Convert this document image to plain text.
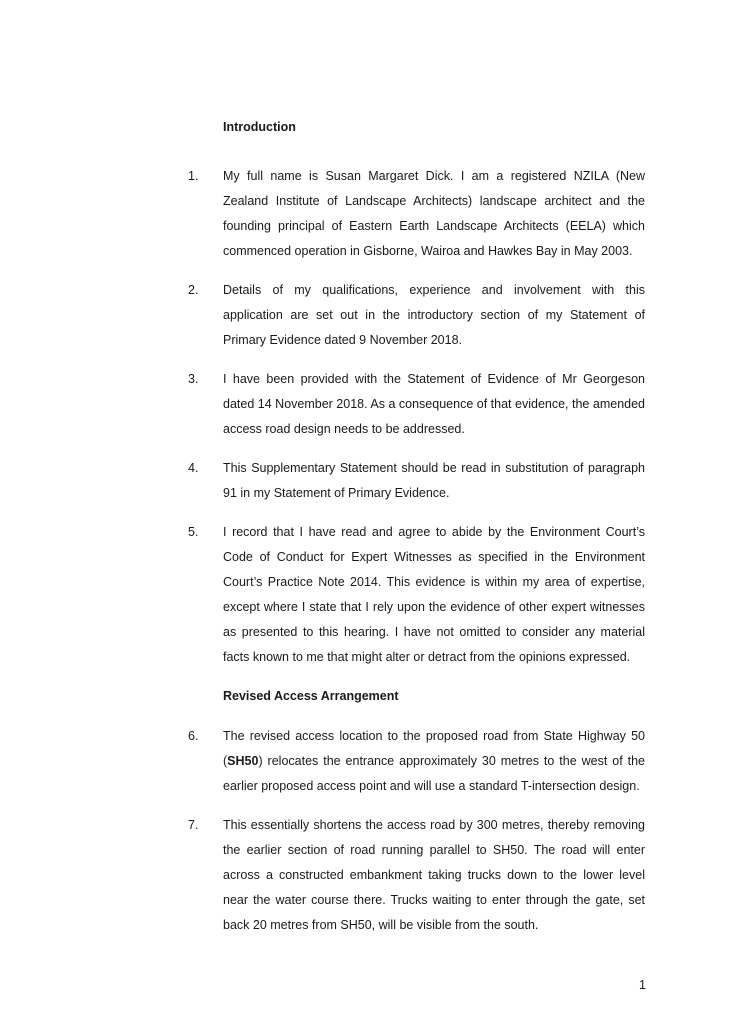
Introduction
1. My full name is Susan Margaret Dick. I am a registered NZILA (New Zealand Institute of Landscape Architects) landscape architect and the founding principal of Eastern Earth Landscape Architects (EELA) which commenced operation in Gisborne, Wairoa and Hawkes Bay in May 2003.
2. Details of my qualifications, experience and involvement with this application are set out in the introductory section of my Statement of Primary Evidence dated 9 November 2018.
3. I have been provided with the Statement of Evidence of Mr Georgeson dated 14 November 2018. As a consequence of that evidence, the amended access road design needs to be addressed.
4. This Supplementary Statement should be read in substitution of paragraph 91 in my Statement of Primary Evidence.
5. I record that I have read and agree to abide by the Environment Court’s Code of Conduct for Expert Witnesses as specified in the Environment Court’s Practice Note 2014. This evidence is within my area of expertise, except where I state that I rely upon the evidence of other expert witnesses as presented to this hearing. I have not omitted to consider any material facts known to me that might alter or detract from the opinions expressed.
Revised Access Arrangement
6. The revised access location to the proposed road from State Highway 50 (SH50) relocates the entrance approximately 30 metres to the west of the earlier proposed access point and will use a standard T-intersection design.
7. This essentially shortens the access road by 300 metres, thereby removing the earlier section of road running parallel to SH50. The road will enter across a constructed embankment taking trucks down to the lower level near the water course there. Trucks waiting to enter through the gate, set back 20 metres from SH50, will be visible from the south.
1
